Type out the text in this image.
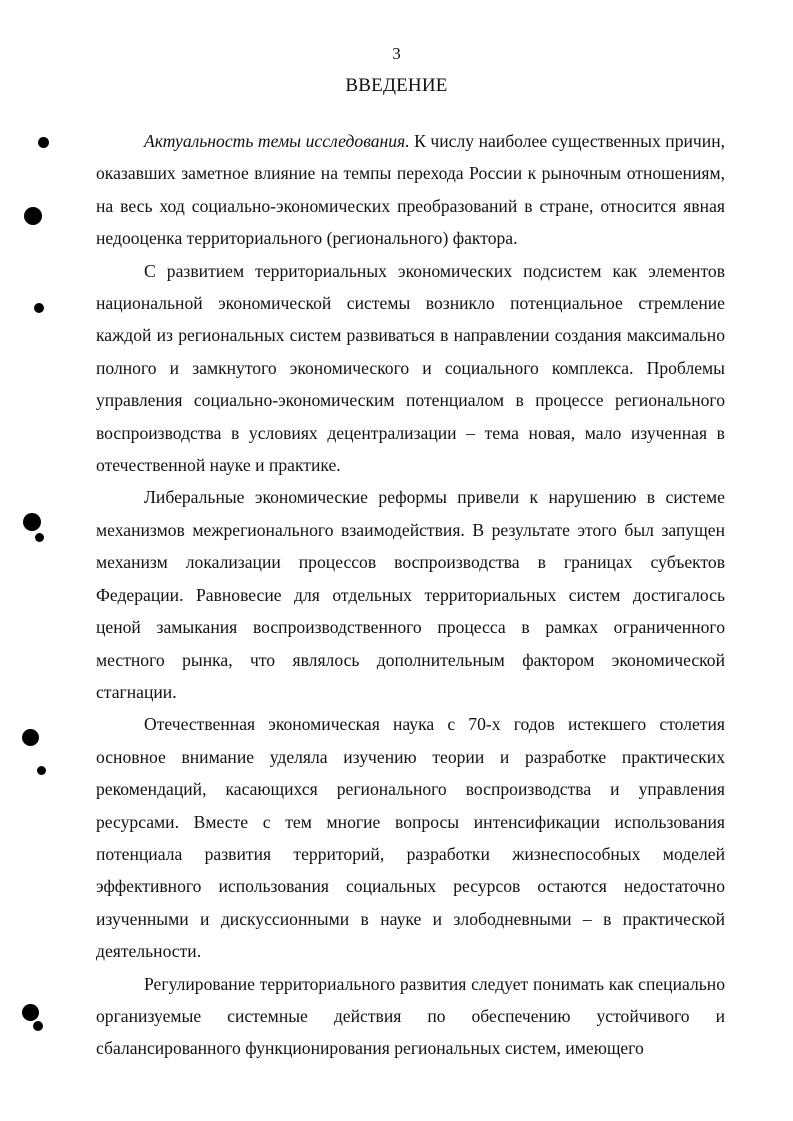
3
ВВЕДЕНИЕ

Актуальность темы исследования. К числу наиболее существенных причин, оказавших заметное влияние на темпы перехода России к рыночным отношениям, на весь ход социально-экономических преобразований в стране, относится явная недооценка территориального (регионального) фактора.

С развитием территориальных экономических подсистем как элементов национальной экономической системы возникло потенциальное стремление каждой из региональных систем развиваться в направлении создания максимально полного и замкнутого экономического и социального комплекса. Проблемы управления социально-экономическим потенциалом в процессе регионального воспроизводства в условиях децентрализации – тема новая, мало изученная в отечественной науке и практике.

Либеральные экономические реформы привели к нарушению в системе механизмов межрегионального взаимодействия. В результате этого был запущен механизм локализации процессов воспроизводства в границах субъектов Федерации. Равновесие для отдельных территориальных систем достигалось ценой замыкания воспроизводственного процесса в рамках ограниченного местного рынка, что являлось дополнительным фактором экономической стагнации.

Отечественная экономическая наука с 70-х годов истекшего столетия основное внимание уделяла изучению теории и разработке практических рекомендаций, касающихся регионального воспроизводства и управления ресурсами. Вместе с тем многие вопросы интенсификации использования потенциала развития территорий, разработки жизнеспособных моделей эффективного использования социальных ресурсов остаются недостаточно изученными и дискуссионными в науке и злободневными – в практической деятельности.

Регулирование территориального развития следует понимать как специально организуемые системные действия по обеспечению устойчивого и сбалансированного функционирования региональных систем, имеющего
